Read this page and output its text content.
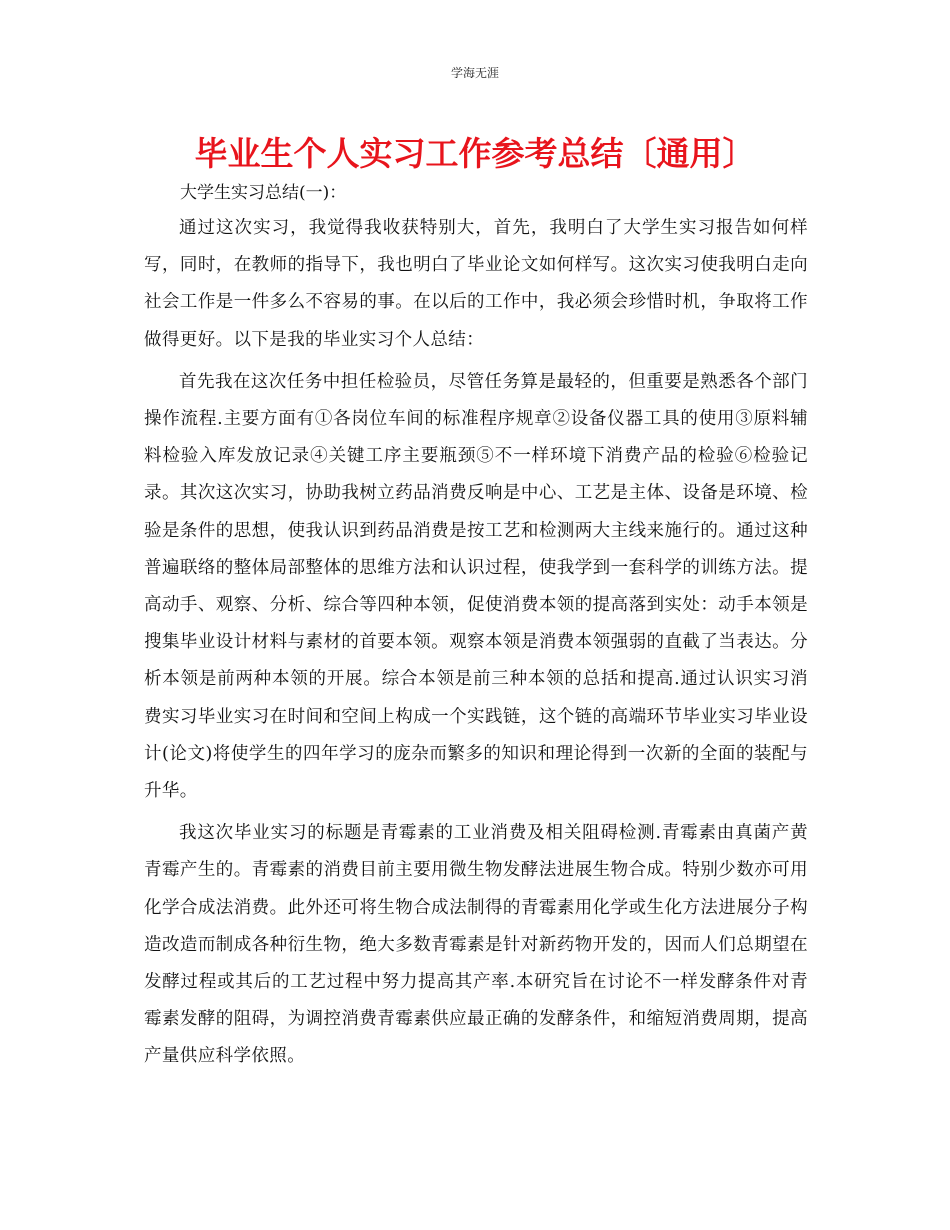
学海无涯
毕业生个人实习工作参考总结〔通用〕

大学生实习总结(一)：

通过这次实习，我觉得我收获特别大，首先，我明白了大学生实习报告如何样写，同时，在教师的指导下，我也明白了毕业论文如何样写。这次实习使我明白走向社会工作是一件多么不容易的事。在以后的工作中，我必须会珍惜时机，争取将工作做得更好。以下是我的毕业实习个人总结：

首先我在这次任务中担任检验员，尽管任务算是最轻的，但重要是熟悉各个部门操作流程.主要方面有①各岗位车间的标准程序规章②设备仪器工具的使用③原料辅料检验入库发放记录④关键工序主要瓶颈⑤不一样环境下消费产品的检验⑥检验记录。其次这次实习，协助我树立药品消费反响是中心、工艺是主体、设备是环境、检验是条件的思想，使我认识到药品消费是按工艺和检测两大主线来施行的。通过这种普遍联络的整体局部整体的思维方法和认识过程，使我学到一套科学的训练方法。提高动手、观察、分析、综合等四种本领，促使消费本领的提高落到实处：动手本领是搜集毕业设计材料与素材的首要本领。观察本领是消费本领强弱的直截了当表达。分析本领是前两种本领的开展。综合本领是前三种本领的总括和提高.通过认识实习消费实习毕业实习在时间和空间上构成一个实践链，这个链的高端环节毕业实习毕业设计(论文)将使学生的四年学习的庞杂而繁多的知识和理论得到一次新的全面的装配与升华。

我这次毕业实习的标题是青霉素的工业消费及相关阻碍检测.青霉素由真菌产黄青霉产生的。青霉素的消费目前主要用微生物发酵法进展生物合成。特别少数亦可用化学合成法消费。此外还可将生物合成法制得的青霉素用化学或生化方法进展分子构造改造而制成各种衍生物，绝大多数青霉素是针对新药物开发的，因而人们总期望在发酵过程或其后的工艺过程中努力提高其产率.本研究旨在讨论不一样发酵条件对青霉素发酵的阻碍，为调控消费青霉素供应最正确的发酵条件，和缩短消费周期，提高产量供应科学依照。
